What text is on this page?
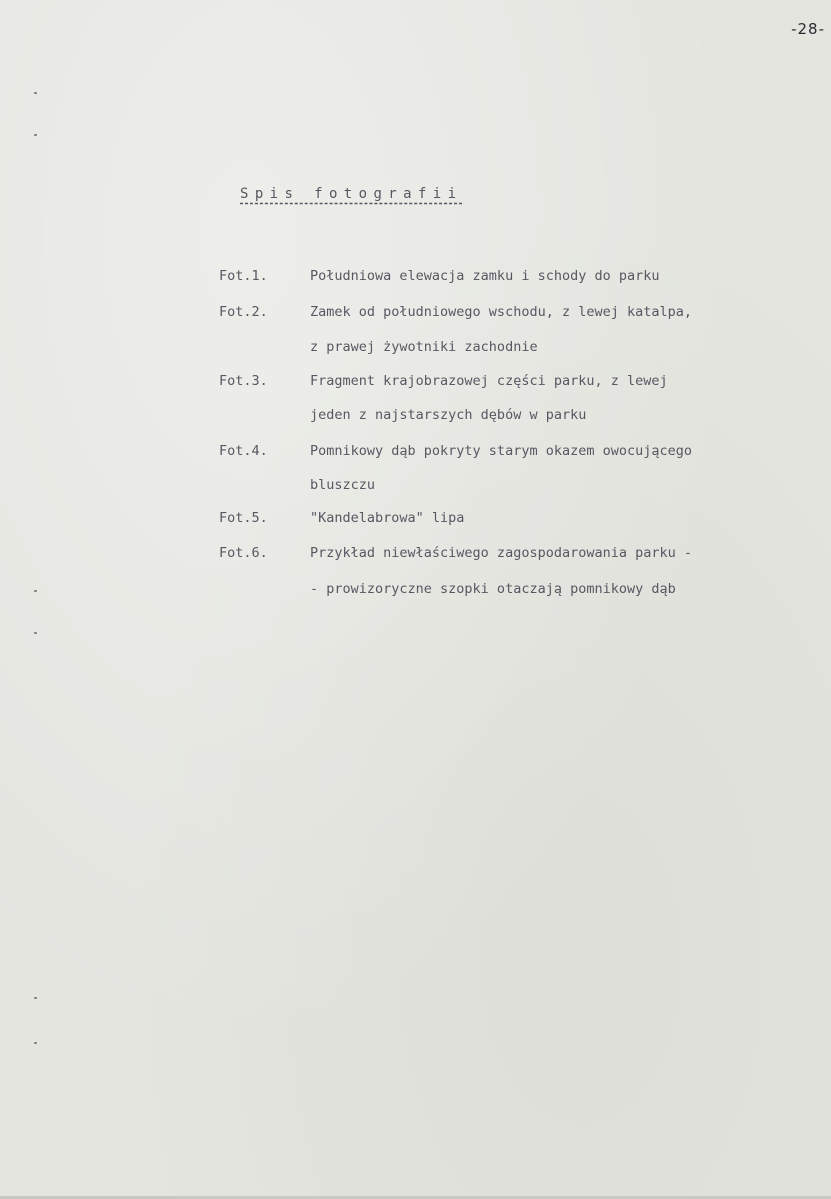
-28-
Spis fotografii
Fot.1.	Południowa elewacja zamku i schody do parku
Fot.2.	Zamek od południowego wschodu, z lewej katalpa,
z prawej żywotniki zachodnie
Fot.3.	Fragment krajobrazowej części parku, z lewej
jeden z najstarszych dębów w parku
Fot.4.	Pomnikowy dąb pokryty starym okazem owocującego
bluszczu
Fot.5.	"Kandelabrowa" lipa
Fot.6.	Przykład niewłaściwego zagospodarowania parku -
- prowizoryczne szopki otaczają pomnikowy dąb
